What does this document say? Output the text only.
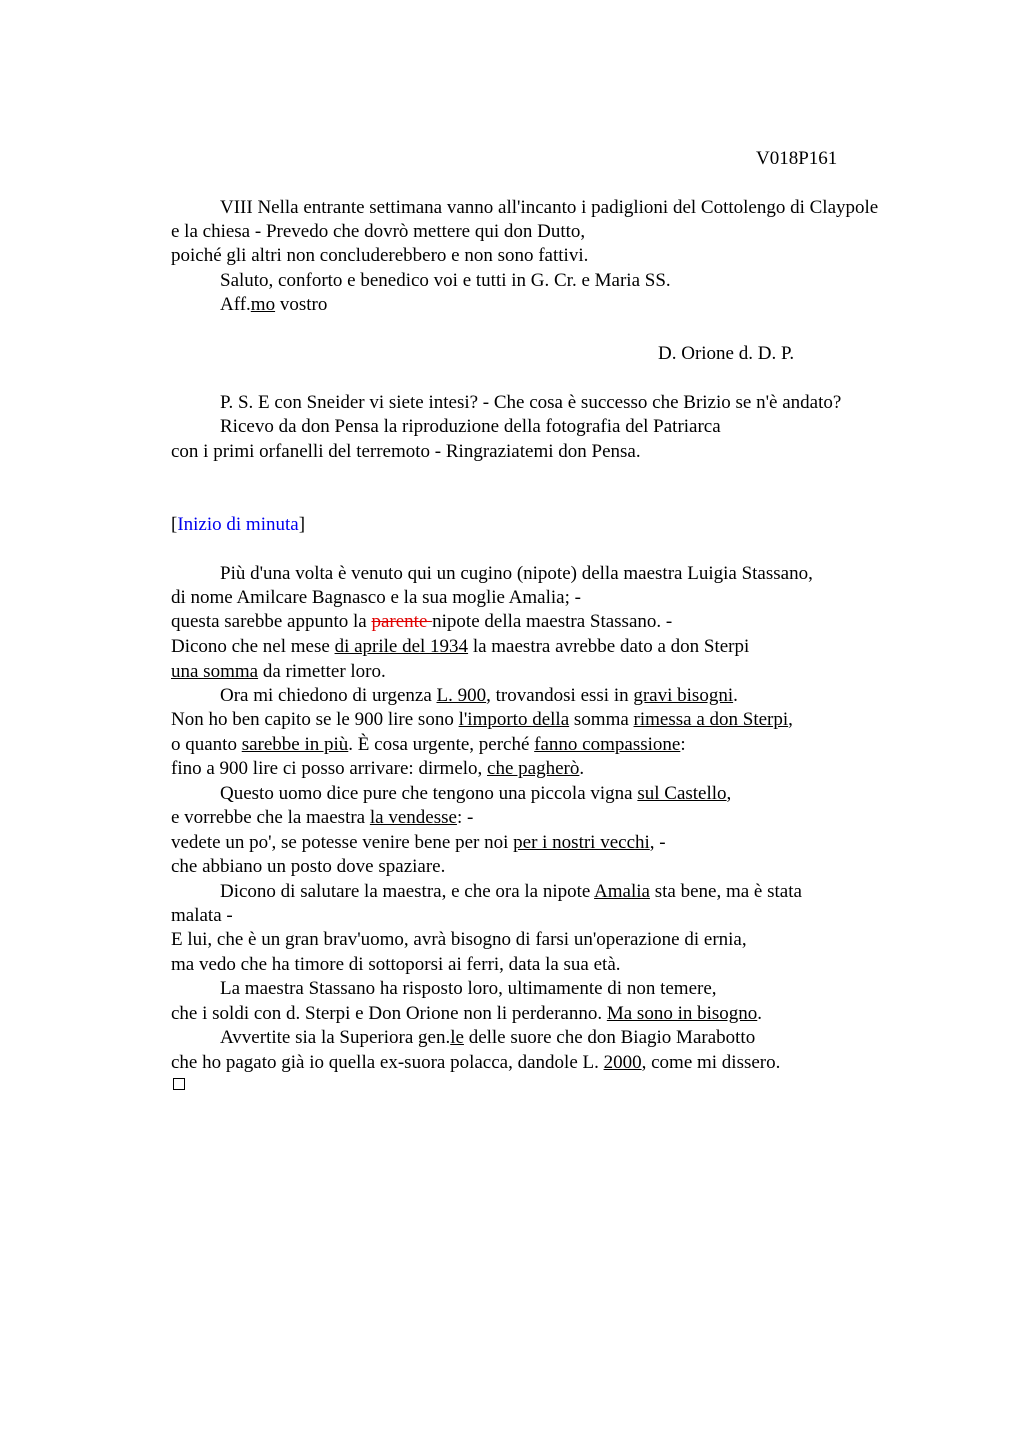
V018P161
VIII Nella entrante settimana vanno all'incanto i padiglioni del Cottolengo di Claypole
e la chiesa - Prevedo che dovrò mettere qui don Dutto,
poiché gli altri non concluderebbero e non sono fattivi.
Saluto, conforto e benedico voi e tutti in G. Cr. e Maria SS.
Aff.mo vostro
D. Orione d. D. P.
P. S. E con Sneider vi siete intesi? - Che cosa è successo che Brizio se n'è andato?
Ricevo da don Pensa la riproduzione della fotografia del Patriarca
con i primi orfanelli del terremoto - Ringraziatemi don Pensa.
[Inizio di minuta]
Più d'una volta è venuto qui un cugino (nipote) della maestra Luigia Stassano,
di nome Amilcare Bagnasco e la sua moglie Amalia; -
questa sarebbe appunto la parente nipote della maestra Stassano. -
Dicono che nel mese di aprile del 1934 la maestra avrebbe dato a don Sterpi
una somma da rimetter loro.
Ora mi chiedono di urgenza L. 900, trovandosi essi in gravi bisogni.
Non ho ben capito se le 900 lire sono l'importo della somma rimessa a don Sterpi,
o quanto sarebbe in più. È cosa urgente, perché fanno compassione:
fino a 900 lire ci posso arrivare: dirmelo, che pagherò.
Questo uomo dice pure che tengono una piccola vigna sul Castello,
e vorrebbe che la maestra la vendesse: -
vedete un po', se potesse venire bene per noi per i nostri vecchi, -
che abbiano un posto dove spaziare.
Dicono di salutare la maestra, e che ora la nipote Amalia sta bene, ma è stata
malata -
E lui, che è un gran brav'uomo, avrà bisogno di farsi un'operazione di ernia,
ma vedo che ha timore di sottoporsi ai ferri, data la sua età.
La maestra Stassano ha risposto loro, ultimamente di non temere,
che i soldi con d. Sterpi e Don Orione non li perderanno. Ma sono in bisogno.
Avvertite sia la Superiora gen.le delle suore che don Biagio Marabotto
che ho pagato già io quella ex-suora polacca, dandole L. 2000, come mi dissero.
